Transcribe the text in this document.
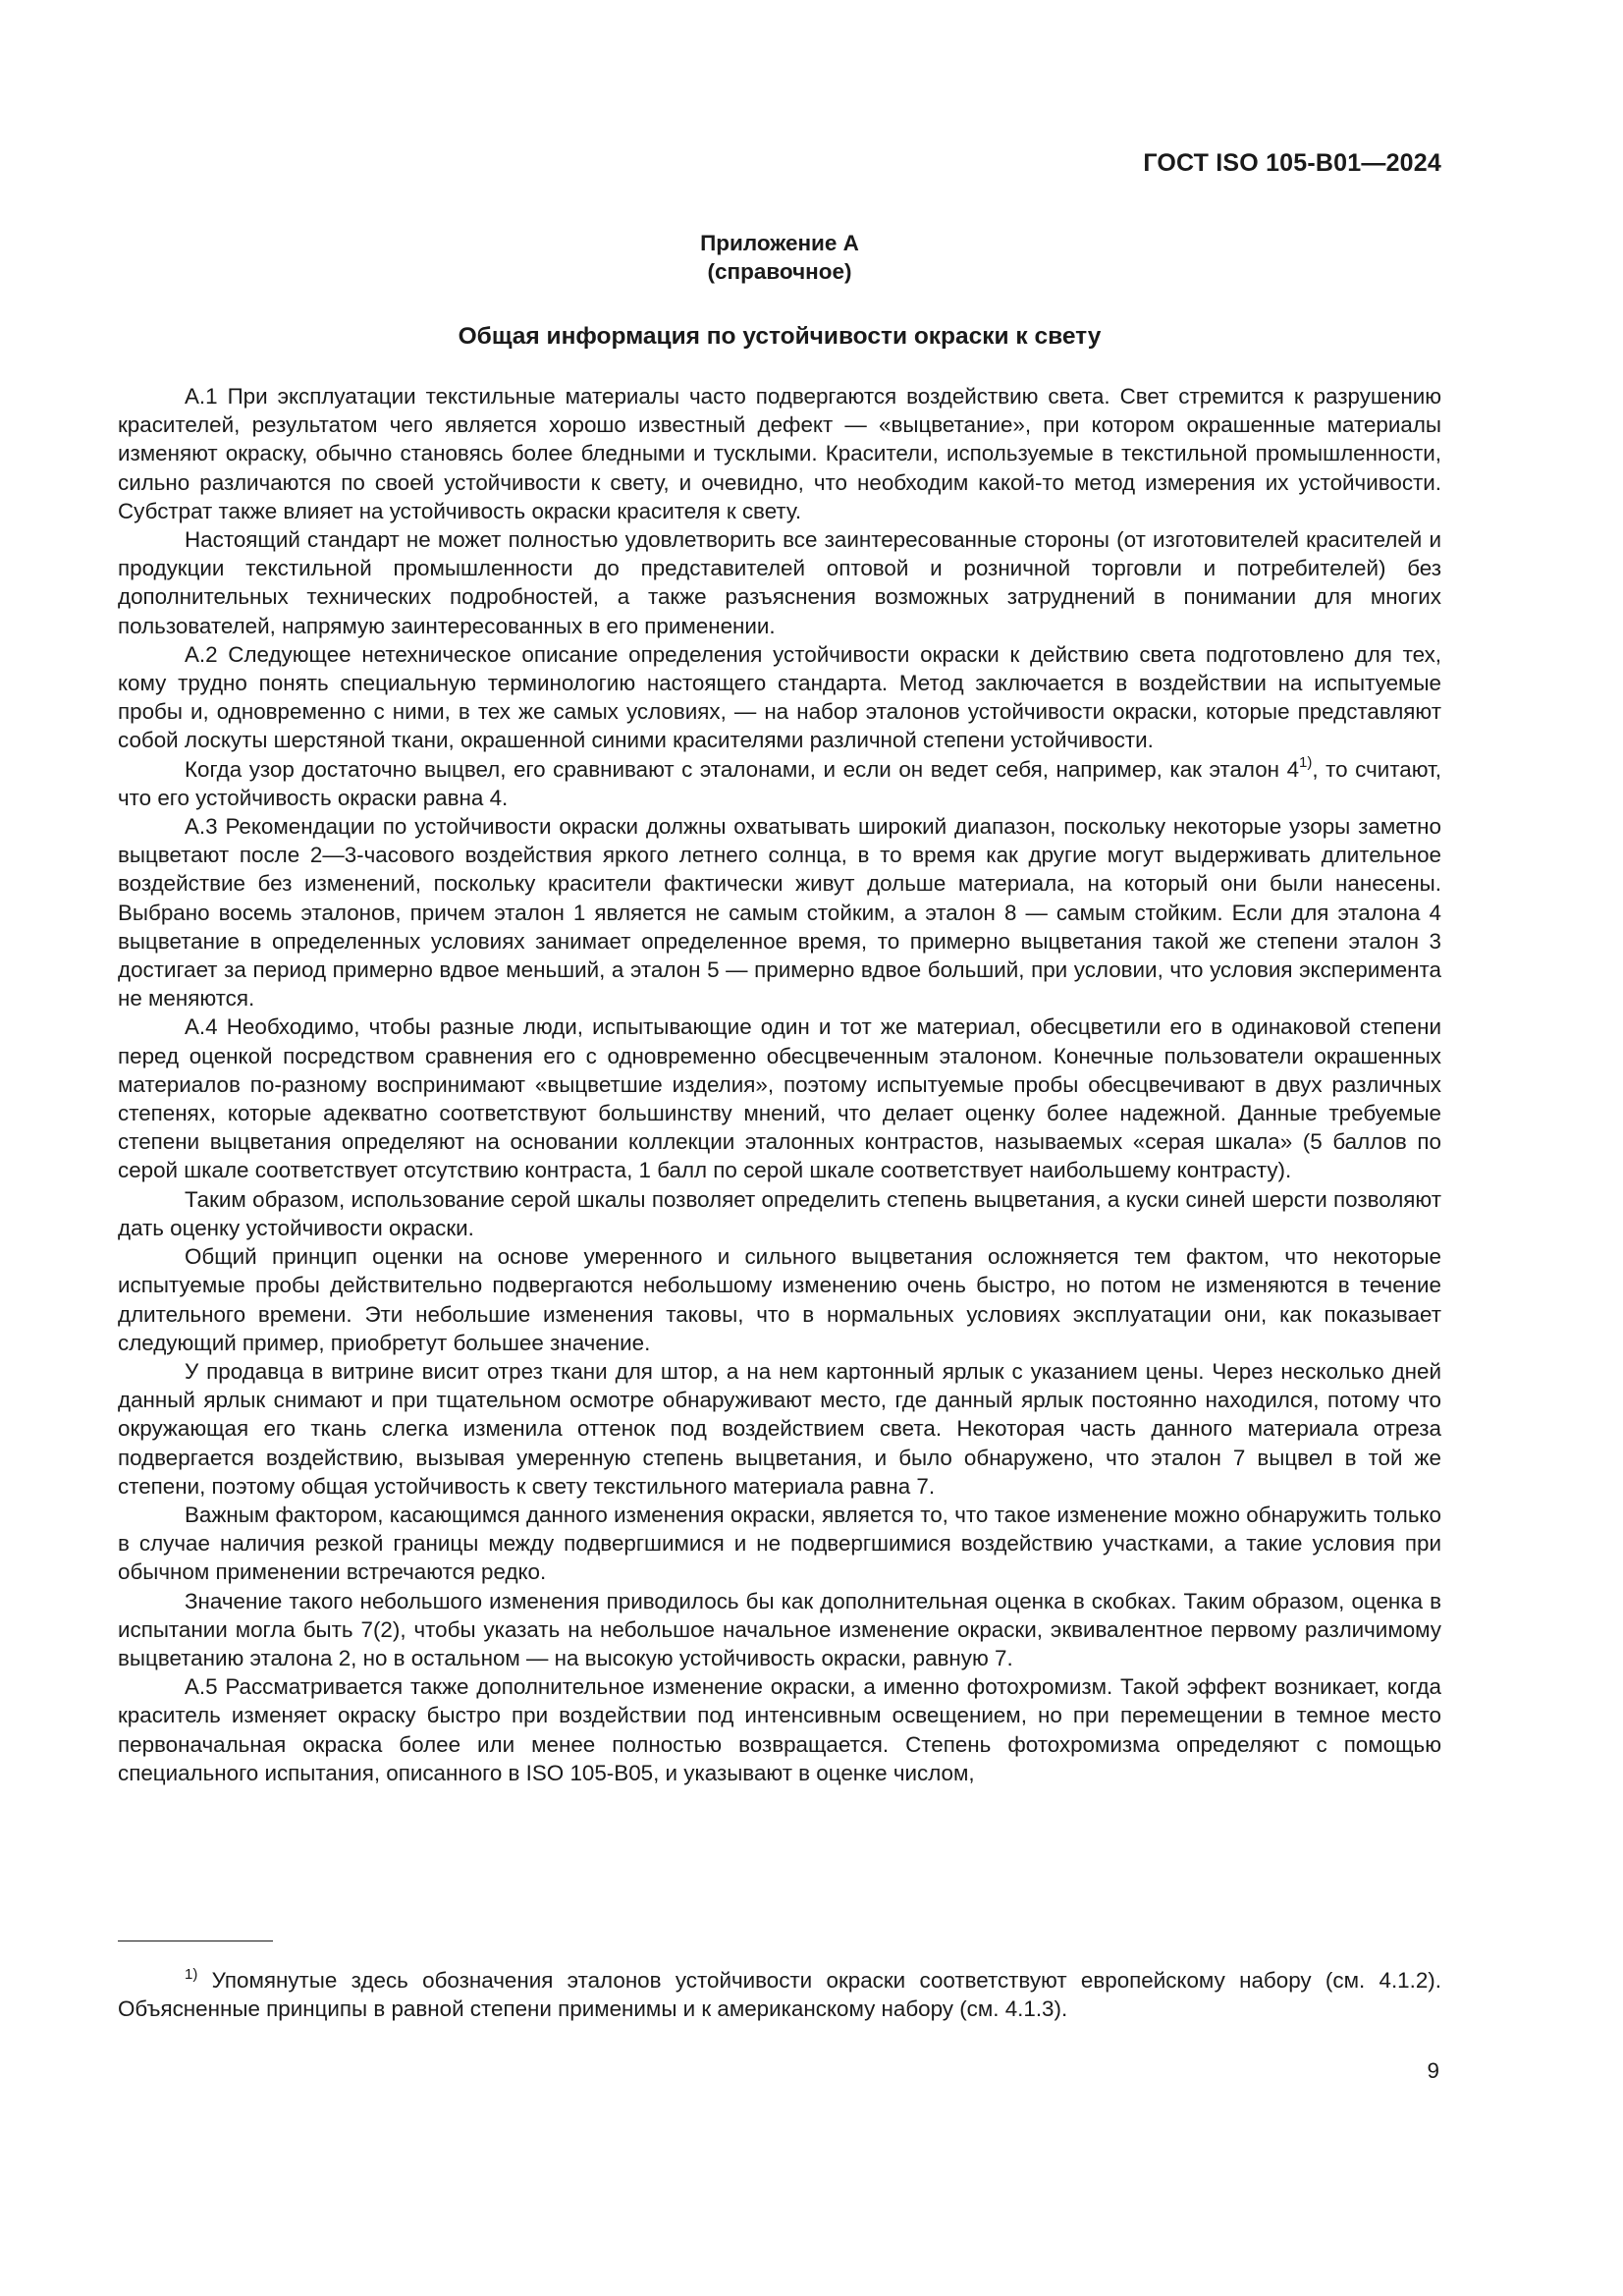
ГОСТ ISO 105-B01—2024
Приложение А
(справочное)
Общая информация по устойчивости окраски к свету

А.1 При эксплуатации текстильные материалы часто подвергаются воздействию света. Свет стремится к разрушению красителей, результатом чего является хорошо известный дефект — «выцветание», при котором окрашенные материалы изменяют окраску, обычно становясь более бледными и тусклыми. Красители, используемые в текстильной промышленности, сильно различаются по своей устойчивости к свету, и очевидно, что необходим какой-то метод измерения их устойчивости. Субстрат также влияет на устойчивость окраски красителя к свету.

Настоящий стандарт не может полностью удовлетворить все заинтересованные стороны (от изготовителей красителей и продукции текстильной промышленности до представителей оптовой и розничной торговли и потребителей) без дополнительных технических подробностей, а также разъяснения возможных затруднений в понимании для многих пользователей, напрямую заинтересованных в его применении.

А.2 Следующее нетехническое описание определения устойчивости окраски к действию света подготовлено для тех, кому трудно понять специальную терминологию настоящего стандарта. Метод заключается в воздействии на испытуемые пробы и, одновременно с ними, в тех же самых условиях, — на набор эталонов устойчивости окраски, которые представляют собой лоскуты шерстяной ткани, окрашенной синими красителями различной степени устойчивости.

Когда узор достаточно выцвел, его сравнивают с эталонами, и если он ведет себя, например, как эталон 4$^{1)}$, то считают, что его устойчивость окраски равна 4.

А.3 Рекомендации по устойчивости окраски должны охватывать широкий диапазон, поскольку некоторые узоры заметно выцветают после 2—3-часового воздействия яркого летнего солнца, в то время как другие могут выдерживать длительное воздействие без изменений, поскольку красители фактически живут дольше материала, на который они были нанесены. Выбрано восемь эталонов, причем эталон 1 является не самым стойким, а эталон 8 — самым стойким. Если для эталона 4 выцветание в определенных условиях занимает определенное время, то примерно выцветания такой же степени эталон 3 достигает за период примерно вдвое меньший, а эталон 5 — примерно вдвое больший, при условии, что условия эксперимента не меняются.

А.4 Необходимо, чтобы разные люди, испытывающие один и тот же материал, обесцветили его в одинаковой степени перед оценкой посредством сравнения его с одновременно обесцвеченным эталоном. Конечные пользователи окрашенных материалов по-разному воспринимают «выцветшие изделия», поэтому испытуемые пробы обесцвечивают в двух различных степенях, которые адекватно соответствуют большинству мнений, что делает оценку более надежной. Данные требуемые степени выцветания определяют на основании коллекции эталонных контрастов, называемых «серая шкала» (5 баллов по серой шкале соответствует отсутствию контраста, 1 балл по серой шкале соответствует наибольшему контрасту).

Таким образом, использование серой шкалы позволяет определить степень выцветания, а куски синей шерсти позволяют дать оценку устойчивости окраски.

Общий принцип оценки на основе умеренного и сильного выцветания осложняется тем фактом, что некоторые испытуемые пробы действительно подвергаются небольшому изменению очень быстро, но потом не изменяются в течение длительного времени. Эти небольшие изменения таковы, что в нормальных условиях эксплуатации они, как показывает следующий пример, приобретут большее значение.

У продавца в витрине висит отрез ткани для штор, а на нем картонный ярлык с указанием цены. Через несколько дней данный ярлык снимают и при тщательном осмотре обнаруживают место, где данный ярлык постоянно находился, потому что окружающая его ткань слегка изменила оттенок под воздействием света. Некоторая часть данного материала отреза подвергается воздействию, вызывая умеренную степень выцветания, и было обнаружено, что эталон 7 выцвел в той же степени, поэтому общая устойчивость к свету текстильного материала равна 7.

Важным фактором, касающимся данного изменения окраски, является то, что такое изменение можно обнаружить только в случае наличия резкой границы между подвергшимися и не подвергшимися воздействию участками, а такие условия при обычном применении встречаются редко.

Значение такого небольшого изменения приводилось бы как дополнительная оценка в скобках. Таким образом, оценка в испытании могла быть 7(2), чтобы указать на небольшое начальное изменение окраски, эквивалентное первому различимому выцветанию эталона 2, но в остальном — на высокую устойчивость окраски, равную 7.

А.5 Рассматривается также дополнительное изменение окраски, а именно фотохромизм. Такой эффект возникает, когда краситель изменяет окраску быстро при воздействии под интенсивным освещением, но при перемещении в темное место первоначальная окраска более или менее полностью возвращается. Степень фотохромизма определяют с помощью специального испытания, описанного в ISO 105-B05, и указывают в оценке числом,

$^{1)}$ Упомянутые здесь обозначения эталонов устойчивости окраски соответствуют европейскому набору (см. 4.1.2). Объясненные принципы в равной степени применимы и к американскому набору (см. 4.1.3).

9
